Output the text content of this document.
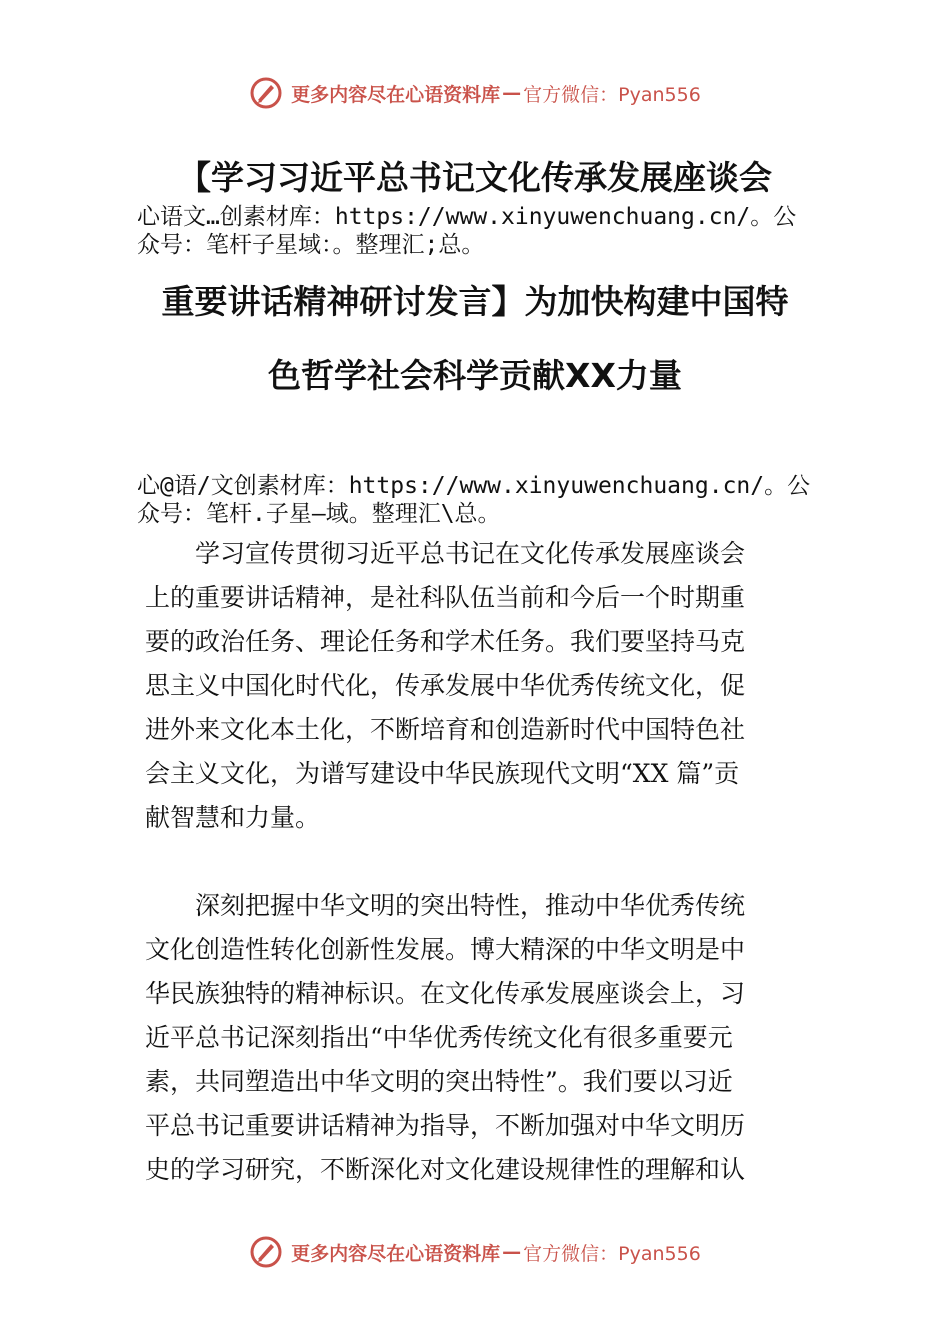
更多内容尽在心语资料库 — 官方微信：Pyan556
【学习习近平总书记文化传承发展座谈会
心语文…创素材库：https://www.xinyuwenchuang.cn/。公
众号：笔杆子星域：。整理汇;总。
重要讲话精神研讨发言】为加快构建中国特
色哲学社会科学贡献XX力量
心@语/文创素材库：https://www.xinyuwenchuang.cn/。公
众号：笔杆.子星—域。整理汇\总。
　　学习宣传贯彻习近平总书记在文化传承发展座谈会
上的重要讲话精神，是社科队伍当前和今后一个时期重
要的政治任务、理论任务和学术任务。我们要坚持马克
思主义中国化时代化，传承发展中华优秀传统文化，促
进外来文化本土化，不断培育和创造新时代中国特色社
会主义文化，为谱写建设中华民族现代文明“XX 篇”贡
献智慧和力量。
　　深刻把握中华文明的突出特性，推动中华优秀传统
文化创造性转化创新性发展。博大精深的中华文明是中
华民族独特的精神标识。在文化传承发展座谈会上，习
近平总书记深刻指出“中华优秀传统文化有很多重要元
素，共同塑造出中华文明的突出特性”。我们要以习近
平总书记重要讲话精神为指导，不断加强对中华文明历
史的学习研究，不断深化对文化建设规律性的理解和认
更多内容尽在心语资料库 — 官方微信：Pyan556
